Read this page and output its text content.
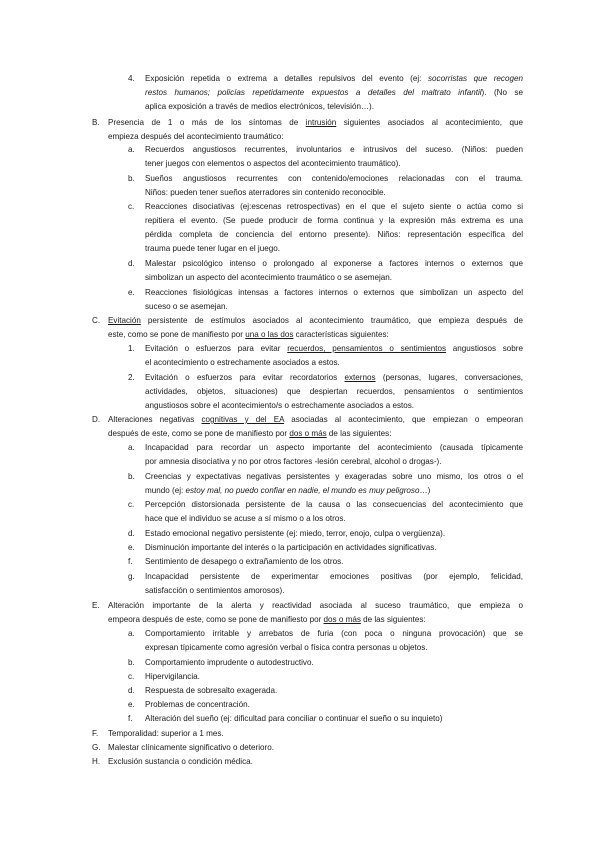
4. Exposición repetida o extrema a detalles repulsivos del evento (ej: socorristas que recogen
restos humanos; policías repetidamente expuestos a detalles del maltrato infantil). (No se
aplica exposición a través de medios electrónicos, televisión…).
B. Presencia de 1 o más de los síntomas de intrusión siguientes asociados al acontecimiento, que
empieza después del acontecimiento traumático:
a. Recuerdos angustiosos recurrentes, involuntarios e intrusivos del suceso. (Niños: pueden
tener juegos con elementos o aspectos del acontecimiento traumático).
b. Sueños angustiosos recurrentes con contenido/emociones relacionadas con el trauma.
Niños: pueden tener sueños aterradores sin contenido reconocible.
c. Reacciones disociativas (ej:escenas retrospectivas) en el que el sujeto siente o actúa como si
repitiera el evento. (Se puede producir de forma continua y la expresión más extrema es una
pérdida completa de conciencia del entorno presente). Niños: representación específica del
trauma puede tener lugar en el juego.
d. Malestar psicológico intenso o prolongado al exponerse a factores internos o externos que
simbolizan un aspecto del acontecimiento traumático o se asemejan.
e. Reacciones fisiológicas intensas a factores internos o externos que simbolizan un aspecto del
suceso o se asemejan.
C. Evitación persistente de estímulos asociados al acontecimiento traumático, que empieza después de
este, como se pone de manifiesto por una o las dos características siguientes:
1. Evitación o esfuerzos para evitar recuerdos, pensamientos o sentimientos angustiosos sobre
el acontecimiento o estrechamente asociados a estos.
2. Evitación o esfuerzos para evitar recordatorios externos (personas, lugares, conversaciones,
actividades, objetos, situaciones) que despiertan recuerdos, pensamientos o sentimientos
angustiosos sobre el acontecimiento/s o estrechamente asociados a estos.
D. Alteraciones negativas cognitivas y del EA asociadas al acontecimiento, que empiezan o empeoran
después de este, como se pone de manifiesto por dos o más de las siguientes:
a. Incapacidad para recordar un aspecto importante del acontecimiento (causada típicamente
por amnesia disociativa y no por otros factores -lesión cerebral, alcohol o drogas-).
b. Creencias y expectativas negativas persistentes y exageradas sobre uno mismo, los otros o el
mundo (ej: estoy mal, no puedo confiar en nadie, el mundo es muy peligroso…)
c. Percepción distorsionada persistente de la causa o las consecuencias del acontecimiento que
hace que el individuo se acuse a sí mismo o a los otros.
d. Estado emocional negativo persistente (ej: miedo, terror, enojo, culpa o vergüenza).
e. Disminución importante del interés o la participación en actividades significativas.
f. Sentimiento de desapego o extrañamiento de los otros.
g. Incapacidad persistente de experimentar emociones positivas (por ejemplo, felicidad,
satisfacción o sentimientos amorosos).
E. Alteración importante de la alerta y reactividad asociada al suceso traumático, que empieza o
empeora después de este, como se pone de manifiesto por dos o más de las siguientes:
a. Comportamiento irritable y arrebatos de furia (con poca o ninguna provocación) que se
expresan típicamente como agresión verbal o física contra personas u objetos.
b. Comportamiento imprudente o autodestructivo.
c. Hipervigilancia.
d. Respuesta de sobresalto exagerada.
e. Problemas de concentración.
f. Alteración del sueño (ej: dificultad para conciliar o continuar el sueño o su inquieto)
F. Temporalidad: superior a 1 mes.
G. Malestar clínicamente significativo o deterioro.
H. Exclusión sustancia o condición médica.
